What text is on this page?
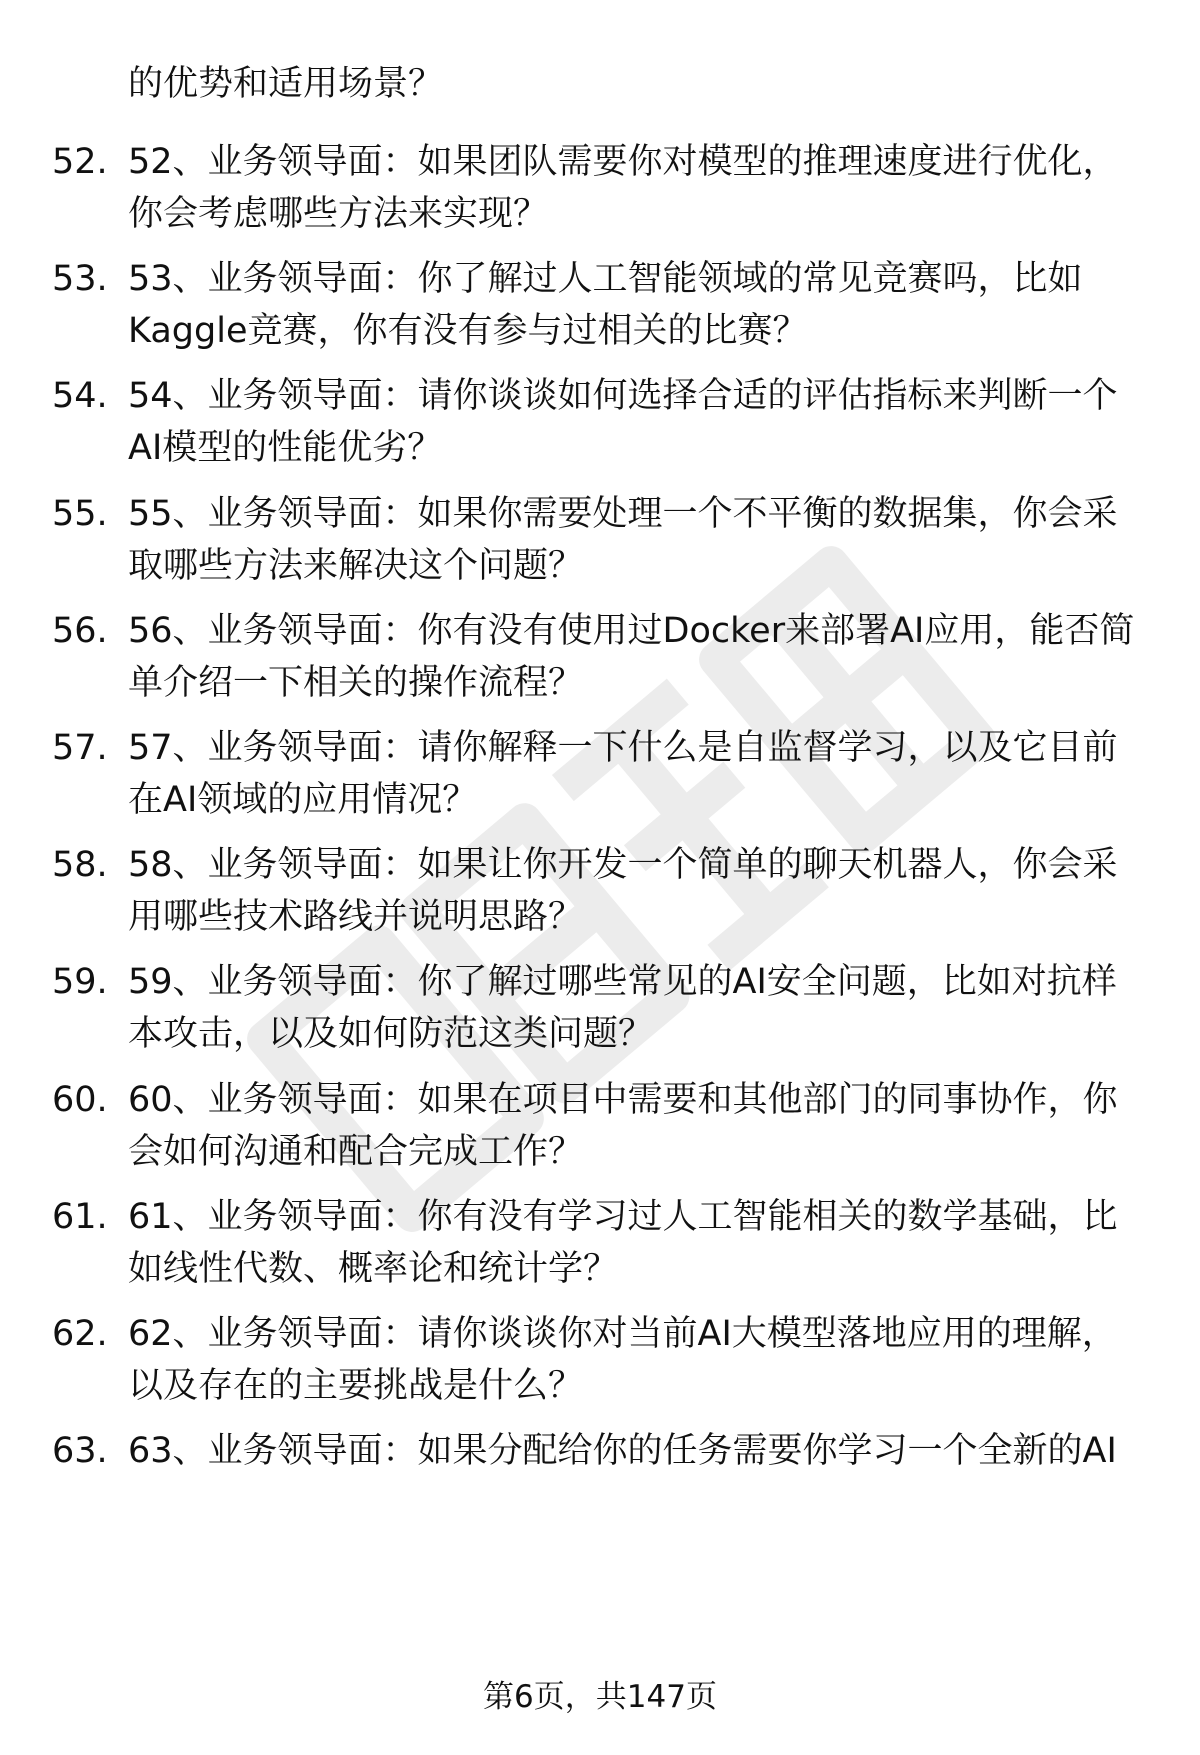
的优势和适用场景？
52. 52、业务领导面：如果团队需要你对模型的推理速度进行优化，
你会考虑哪些方法来实现？
53. 53、业务领导面：你了解过人工智能领域的常见竞赛吗，比如
Kaggle竞赛，你有没有参与过相关的比赛？
54. 54、业务领导面：请你谈谈如何选择合适的评估指标来判断一个
AI模型的性能优劣？
55. 55、业务领导面：如果你需要处理一个不平衡的数据集，你会采
取哪些方法来解决这个问题？
56. 56、业务领导面：你有没有使用过Docker来部署AI应用，能否简
单介绍一下相关的操作流程？
57. 57、业务领导面：请你解释一下什么是自监督学习，以及它目前
在AI领域的应用情况？
58. 58、业务领导面：如果让你开发一个简单的聊天机器人，你会采
用哪些技术路线并说明思路？
59. 59、业务领导面：你了解过哪些常见的AI安全问题，比如对抗样
本攻击，以及如何防范这类问题？
60. 60、业务领导面：如果在项目中需要和其他部门的同事协作，你
会如何沟通和配合完成工作？
61. 61、业务领导面：你有没有学习过人工智能相关的数学基础，比
如线性代数、概率论和统计学？
62. 62、业务领导面：请你谈谈你对当前AI大模型落地应用的理解，
以及存在的主要挑战是什么？
63. 63、业务领导面：如果分配给你的任务需要你学习一个全新的AI
第6页，共147页
